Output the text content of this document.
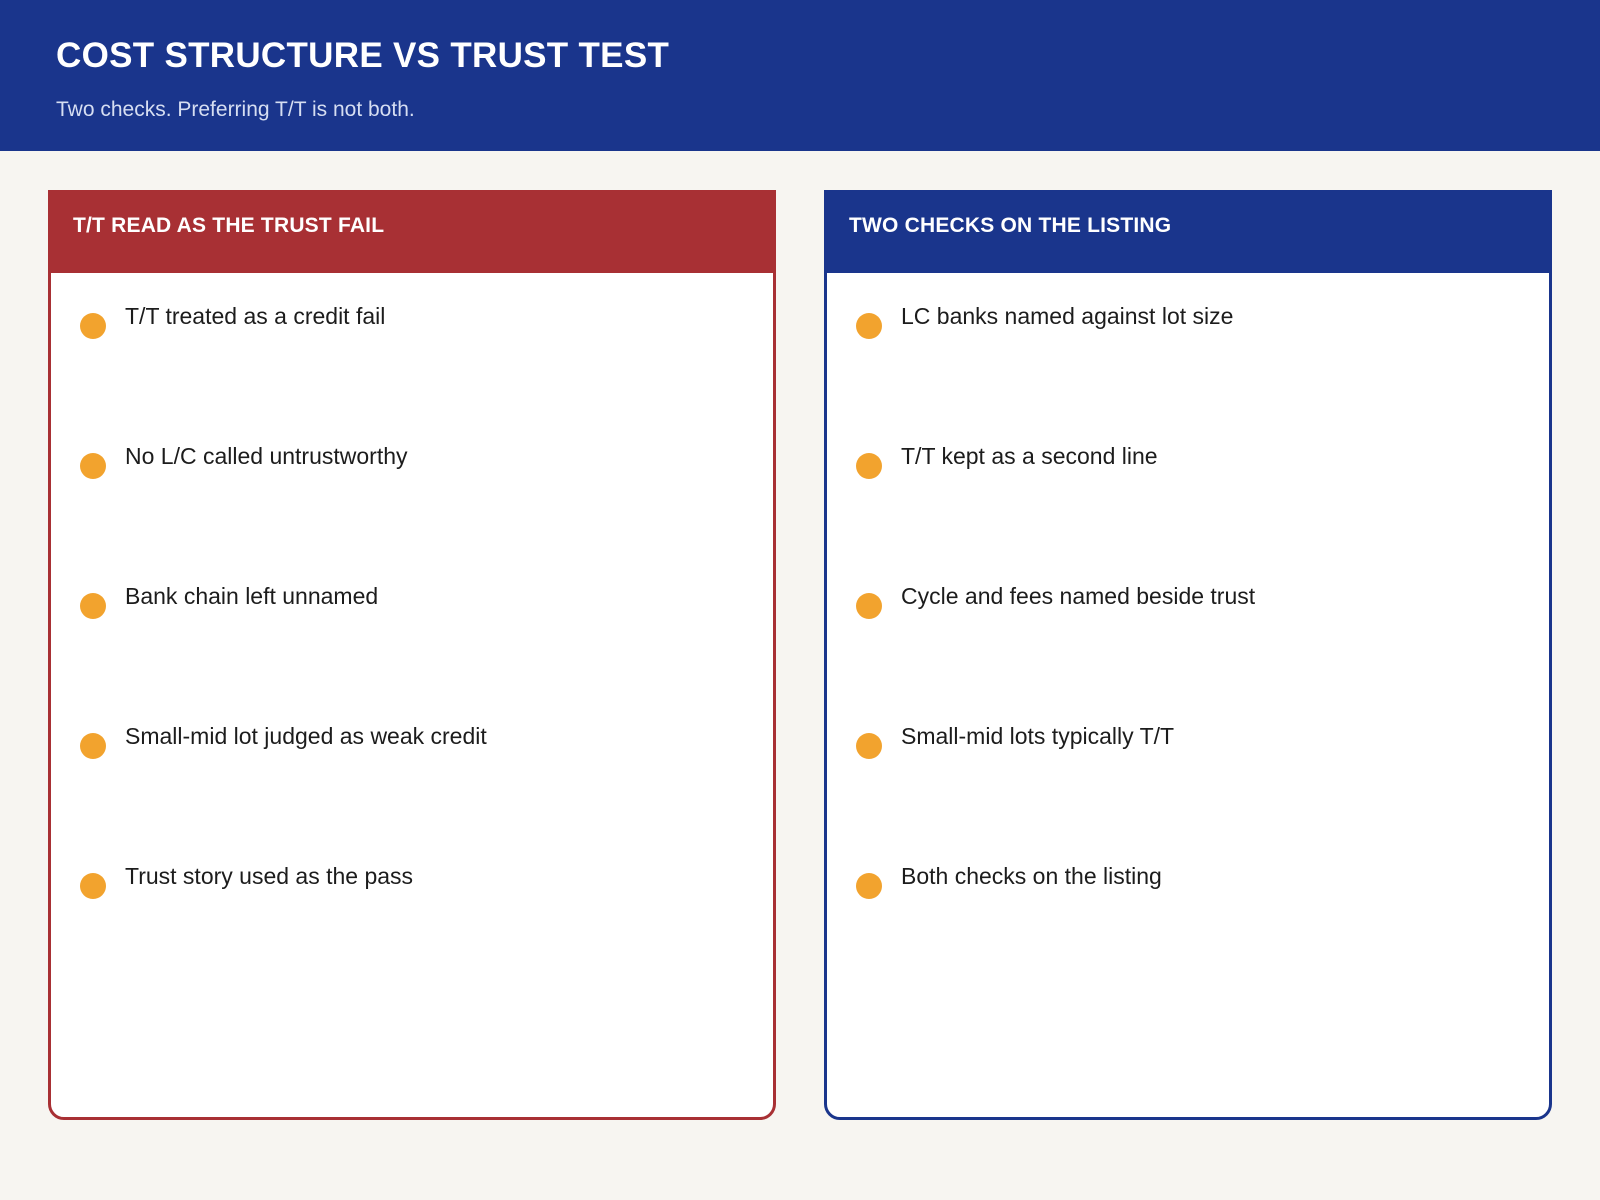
COST STRUCTURE VS TRUST TEST
Two checks. Preferring T/T is not both.
T/T READ AS THE TRUST FAIL
T/T treated as a credit fail
No L/C called untrustworthy
Bank chain left unnamed
Small-mid lot judged as weak credit
Trust story used as the pass
TWO CHECKS ON THE LISTING
LC banks named against lot size
T/T kept as a second line
Cycle and fees named beside trust
Small-mid lots typically T/T
Both checks on the listing
